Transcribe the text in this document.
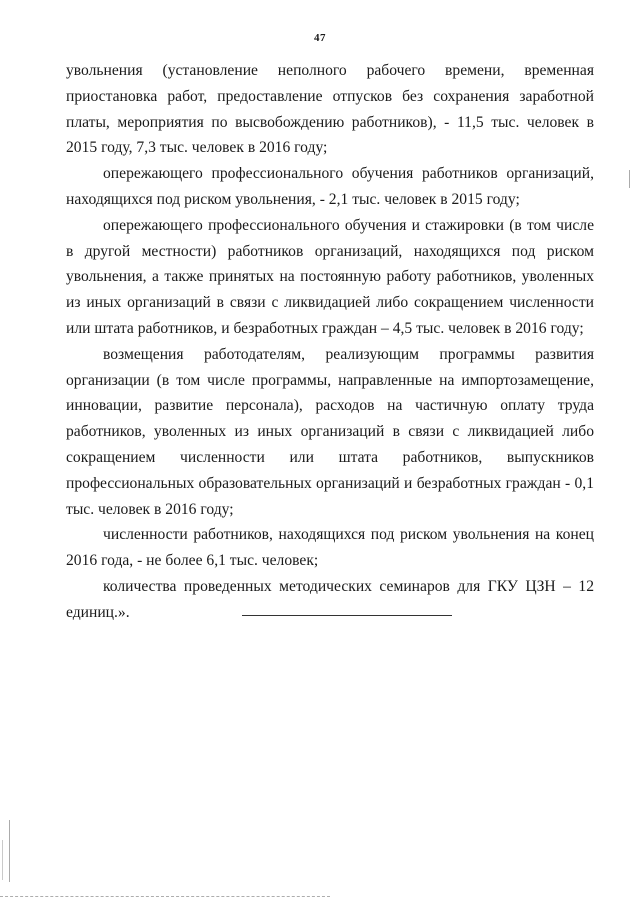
47

увольнения (установление неполного рабочего времени, временная приостановка работ, предоставление отпусков без сохранения заработной платы, мероприятия по высвобождению работников), - 11,5 тыс. человек в 2015 году, 7,3 тыс. человек в 2016 году;

опережающего профессионального обучения работников организаций, находящихся под риском увольнения, - 2,1 тыс. человек в 2015 году;

опережающего профессионального обучения и стажировки (в том числе в другой местности) работников организаций, находящихся под риском увольнения, а также принятых на постоянную работу работников, уволенных из иных организаций в связи с ликвидацией либо сокращением численности или штата работников, и безработных граждан – 4,5 тыс. человек в 2016 году;

возмещения работодателям, реализующим программы развития организации (в том числе программы, направленные на импортозамещение, инновации, развитие персонала), расходов на частичную оплату труда работников, уволенных из иных организаций в связи с ликвидацией либо сокращением численности или штата работников, выпускников профессиональных образовательных организаций и безработных граждан - 0,1 тыс. человек в 2016 году;

численности работников, находящихся под риском увольнения на конец 2016 года, - не более 6,1 тыс. человек;

количества проведенных методических семинаров для ГКУ ЦЗН – 12 единиц.».
